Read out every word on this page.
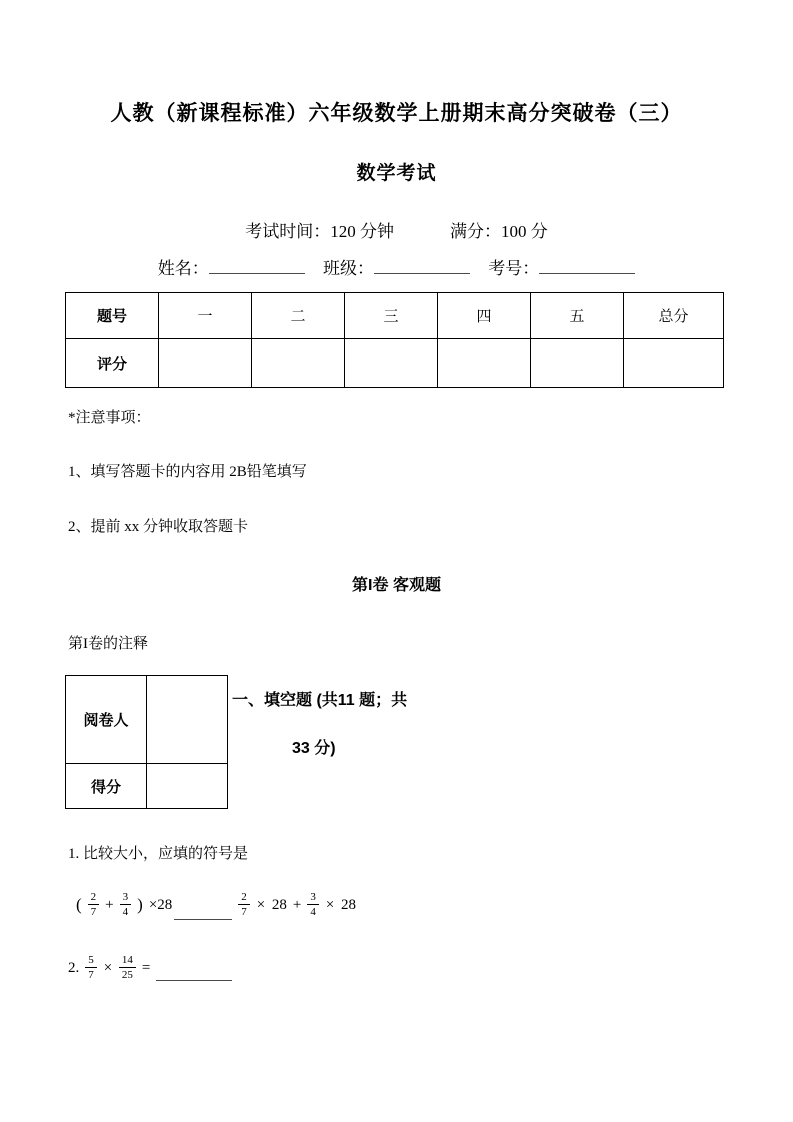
人教（新课程标准）六年级数学上册期末高分突破卷（三）
数学考试
考试时间：120 分钟	满分：100 分
姓名：	班级：	考号：
题号	一	二	三	四	五	总分
评分						
*注意事项：
1、填写答题卡的内容用 2B铅笔填写
2、提前 xx 分钟收取答题卡
第I卷 客观题
第I卷的注释
阅卷人	
得分	
一、填空题 (共11 题；共
33 分)
1. 比较大小，应填的符号是
( $\frac{2}{7} + \frac{3}{4}$ ) ×28	$\frac{2}{7} \times 28 + \frac{3}{4} \times 28$
2. $\frac{5}{7} \times \frac{14}{25}$ =
